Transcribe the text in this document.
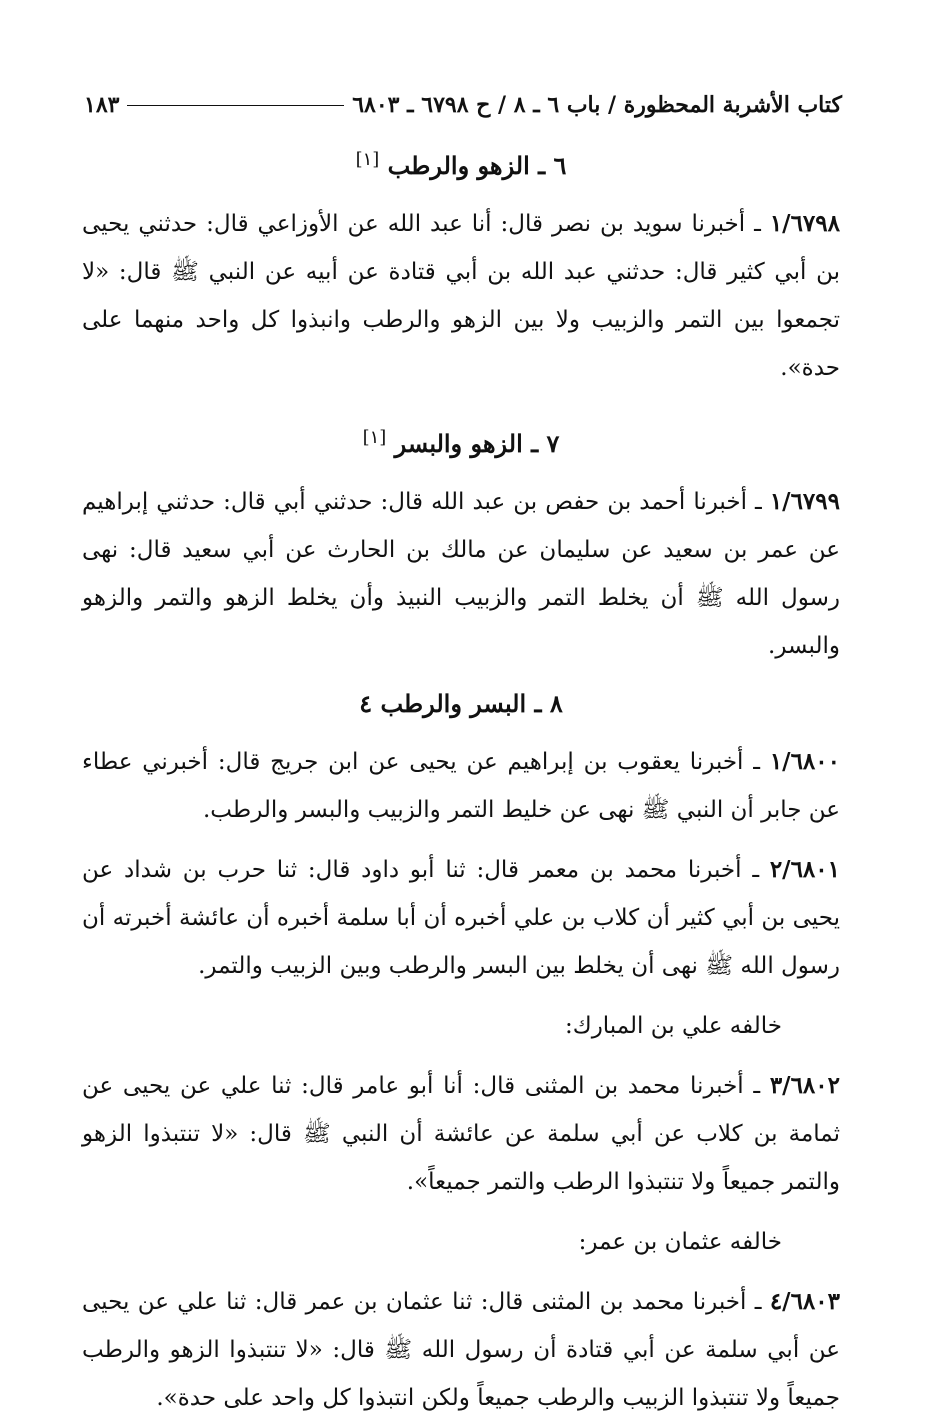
كتاب الأشربة المحظورة / باب ٦ ـ ٨ / ح ٦٧٩٨ ـ ٦٨٠٣
١٨٣
٦ ـ الزهو والرطب [١]

١/٦٧٩٨ ـ أخبرنا سويد بن نصر قال: أنا عبد الله عن الأوزاعي قال: حدثني يحيى بن أبي كثير قال: حدثني عبد الله بن أبي قتادة عن أبيه عن النبي ﷺ قال: «لا تجمعوا بين التمر والزبيب ولا بين الزهو والرطب وانبذوا كل واحد منهما على حدة».

٧ ـ الزهو والبسر [١]

١/٦٧٩٩ ـ أخبرنا أحمد بن حفص بن عبد الله قال: حدثني أبي قال: حدثني إبراهيم عن عمر بن سعيد عن سليمان عن مالك بن الحارث عن أبي سعيد قال: نهى رسول الله ﷺ أن يخلط التمر والزبيب النبيذ وأن يخلط الزهو والتمر والزهو والبسر.

٨ ـ البسر والرطب ٤

١/٦٨٠٠ ـ أخبرنا يعقوب بن إبراهيم عن يحيى عن ابن جريج قال: أخبرني عطاء عن جابر أن النبي ﷺ نهى عن خليط التمر والزبيب والبسر والرطب.

٢/٦٨٠١ ـ أخبرنا محمد بن معمر قال: ثنا أبو داود قال: ثنا حرب بن شداد عن يحيى بن أبي كثير أن كلاب بن علي أخبره أن أبا سلمة أخبره أن عائشة أخبرته أن رسول الله ﷺ نهى أن يخلط بين البسر والرطب وبين الزبيب والتمر.

خالفه علي بن المبارك:

٣/٦٨٠٢ ـ أخبرنا محمد بن المثنى قال: أنا أبو عامر قال: ثنا علي عن يحيى عن ثمامة بن كلاب عن أبي سلمة عن عائشة أن النبي ﷺ قال: «لا تنتبذوا الزهو والتمر جميعاً ولا تنتبذوا الرطب والتمر جميعاً».

خالفه عثمان بن عمر:

٤/٦٨٠٣ ـ أخبرنا محمد بن المثنى قال: ثنا عثمان بن عمر قال: ثنا علي عن يحيى عن أبي سلمة عن أبي قتادة أن رسول الله ﷺ قال: «لا تنتبذوا الزهو والرطب جميعاً ولا تنتبذوا الزبيب والرطب جميعاً ولكن انتبذوا كل واحد على حدة».
